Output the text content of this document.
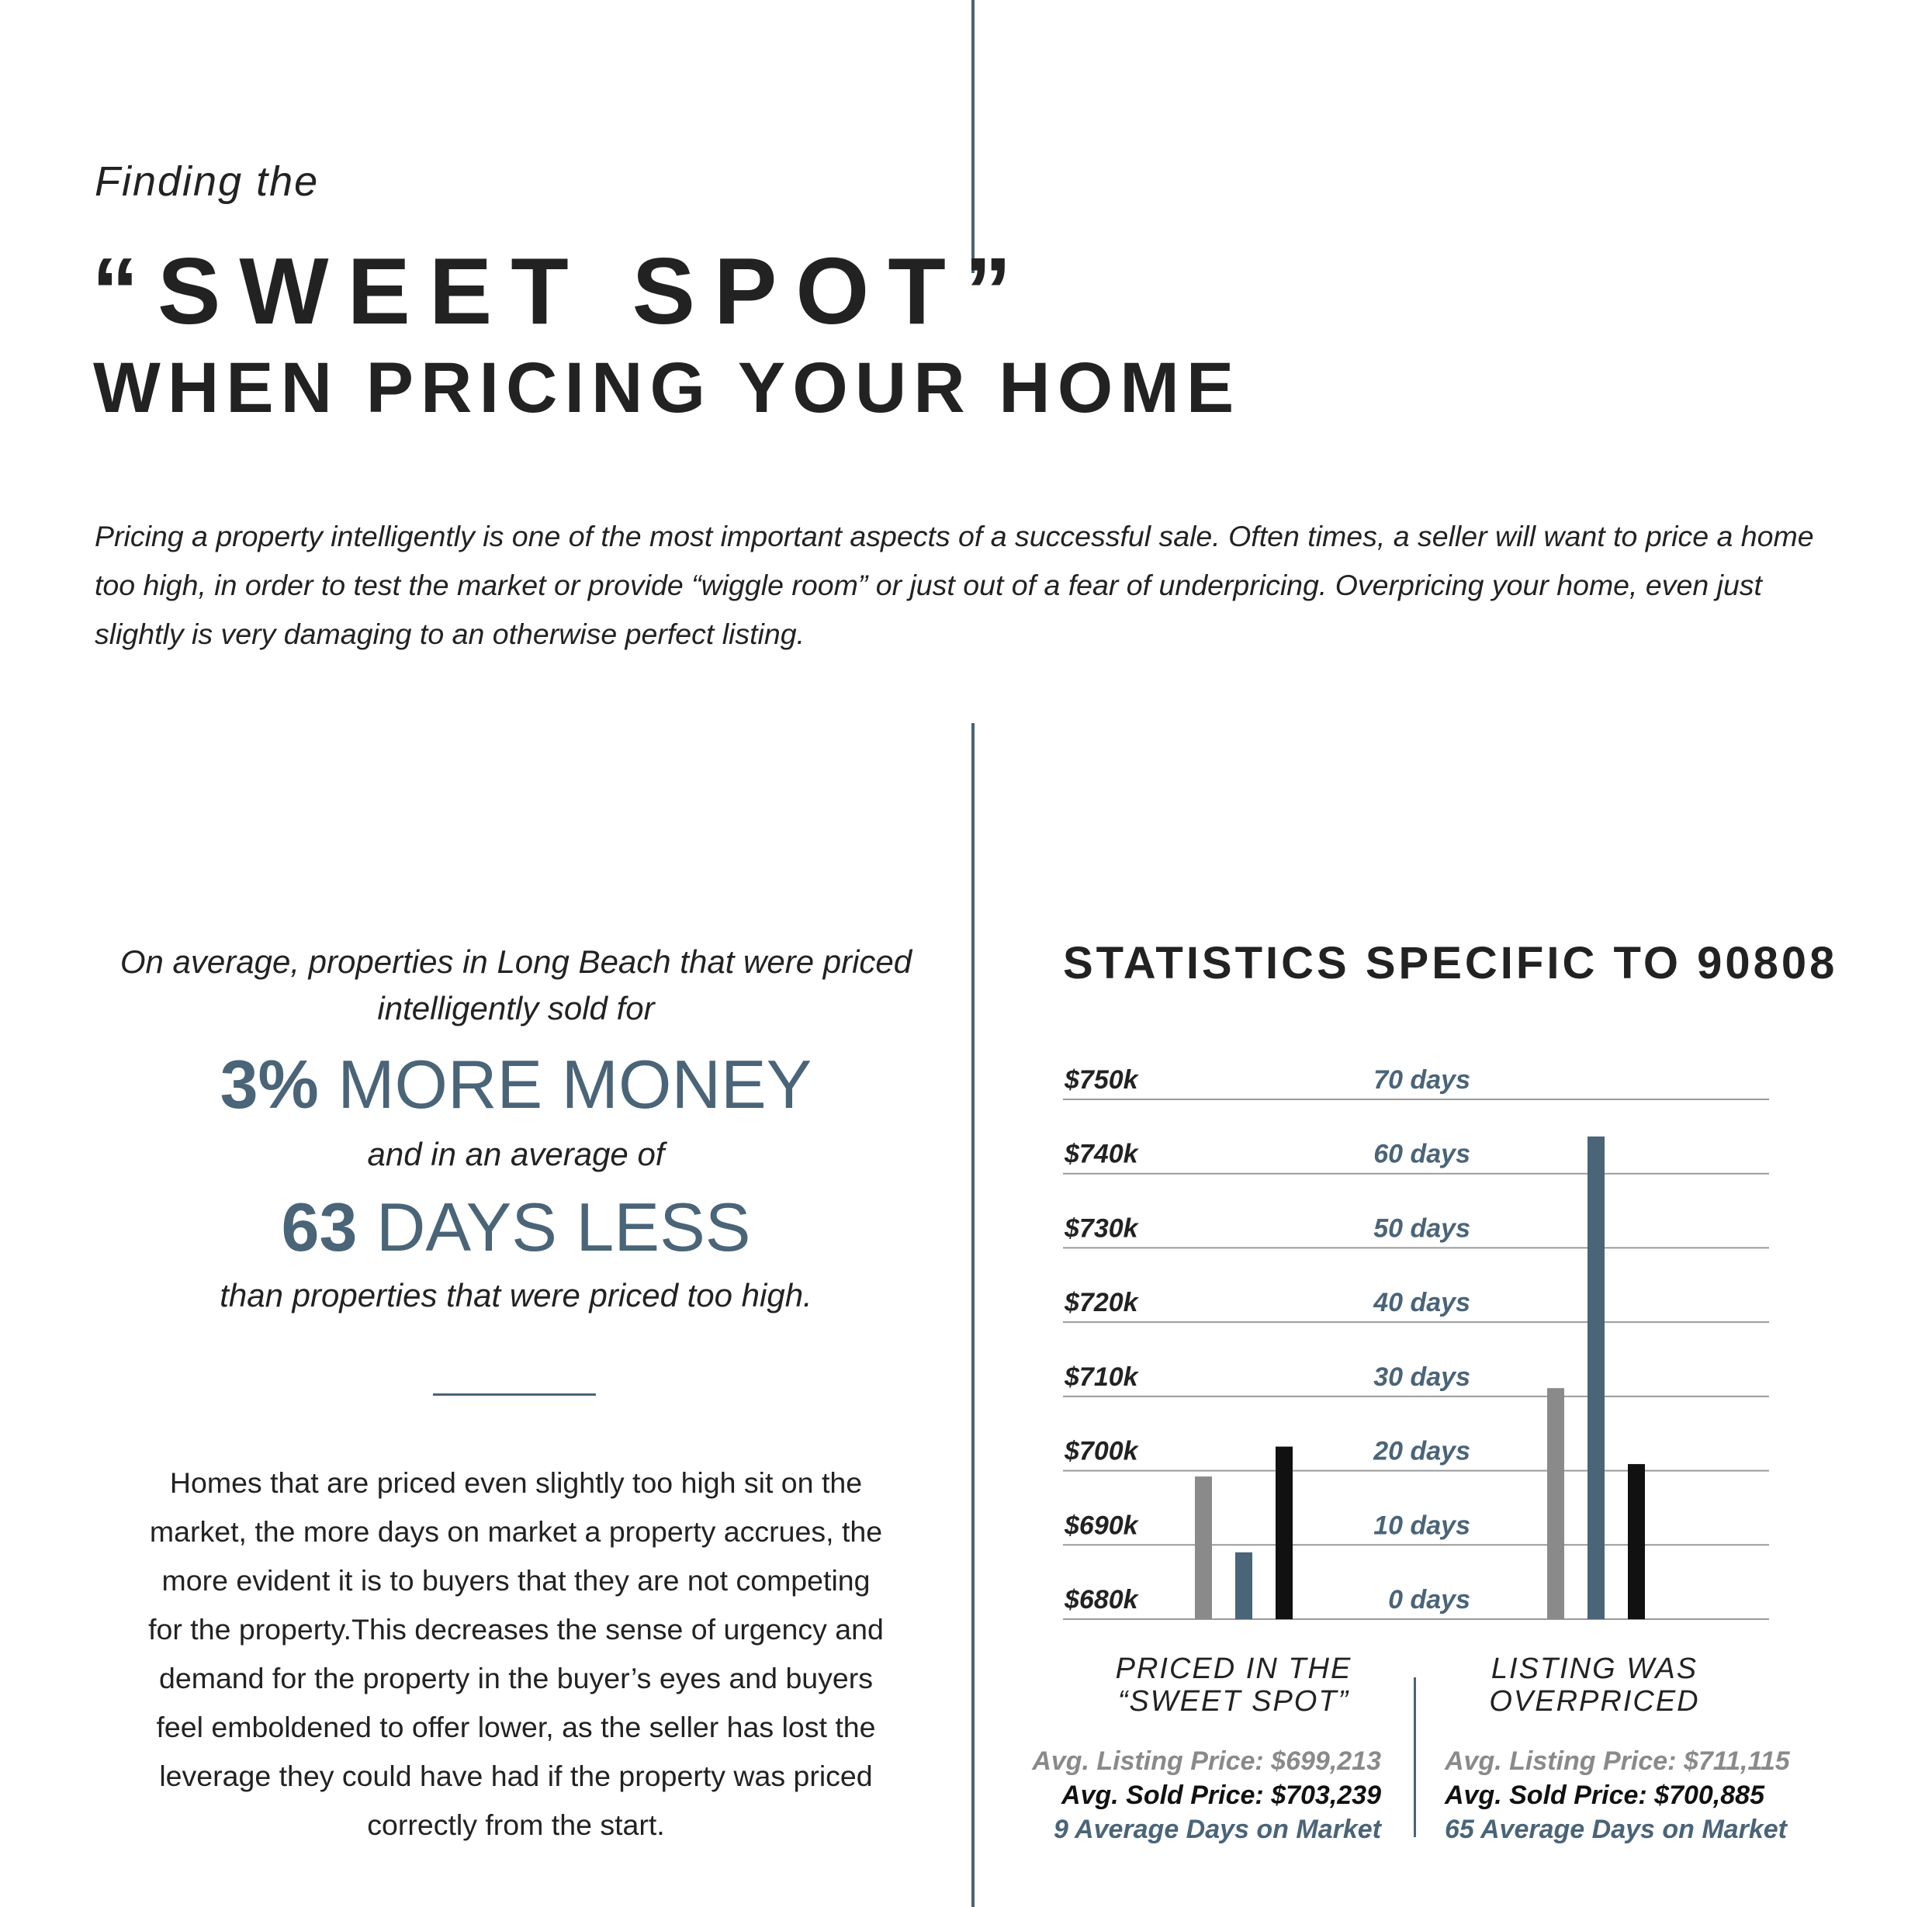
Finding the

“SWEET SPOT”
WHEN PRICING YOUR HOME

Pricing a property intelligently is one of the most important aspects of a successful sale. Often times, a seller will want to price a home too high, in order to test the market or provide “wiggle room” or just out of a fear of underpricing. Overpricing your home, even just slightly is very damaging to an otherwise perfect listing.

On average, properties in Long Beach that were priced intelligently sold for

3% MORE MONEY

and in an average of

63 DAYS LESS

than properties that were priced too high.

Homes that are priced even slightly too high sit on the market, the more days on market a property accrues, the more evident it is to buyers that they are not competing for the property.This decreases the sense of urgency and demand for the property in the buyer’s eyes and buyers feel emboldened to offer lower, as the seller has lost the leverage they could have had if the property was priced correctly from the start.

STATISTICS SPECIFIC TO 90808
$680k	0 days
$690k	10 days
$700k	20 days
$710k	30 days
$720k	40 days
$730k	50 days
$740k	60 days
$750k	70 days
PRICED IN THE
“SWEET SPOT”
LISTING WAS
OVERPRICED
Avg. Listing Price: $699,213
Avg. Sold Price: $703,239
9 Average Days on Market
Avg. Listing Price: $711,115
Avg. Sold Price: $700,885
65 Average Days on Market
